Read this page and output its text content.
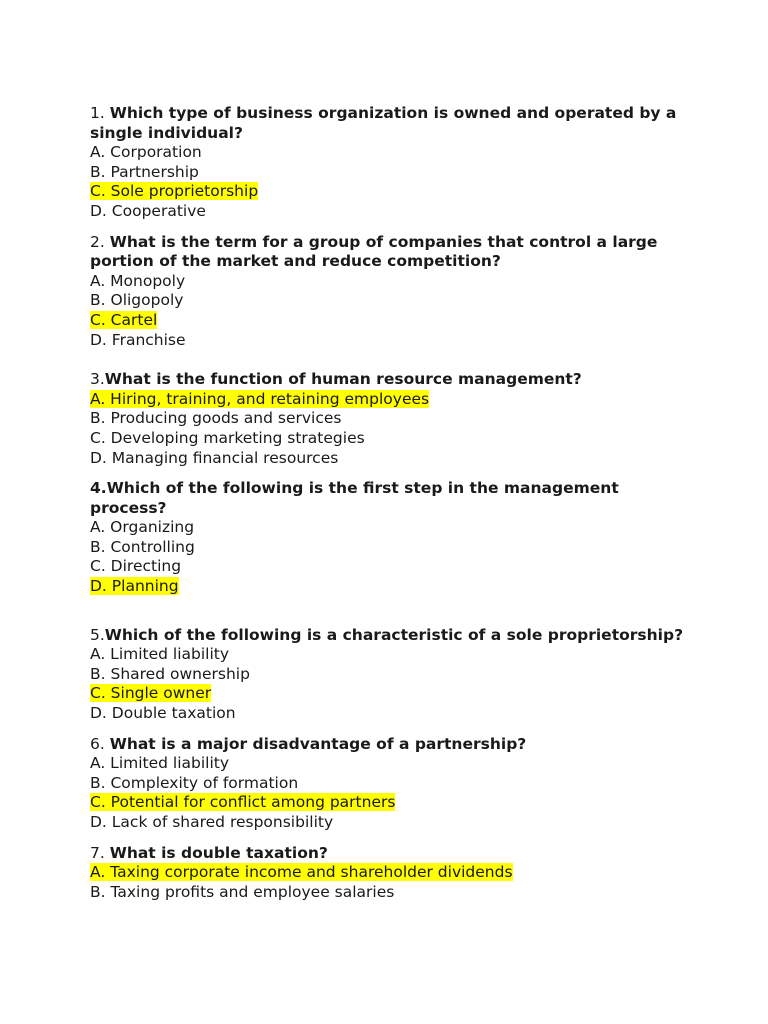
1. Which type of business organization is owned and operated by a single individual?

A. Corporation

B. Partnership

C. Sole proprietorship

D. Cooperative

2. What is the term for a group of companies that control a large portion of the market and reduce competition?

A. Monopoly

B. Oligopoly

C. Cartel

D. Franchise

3.What is the function of human resource management?

A. Hiring, training, and retaining employees

B. Producing goods and services

C. Developing marketing strategies

D. Managing financial resources

4.Which of the following is the first step in the management process?

A. Organizing

B. Controlling

C. Directing

D. Planning

5.Which of the following is a characteristic of a sole proprietorship?

A. Limited liability

B. Shared ownership

C. Single owner

D. Double taxation

6. What is a major disadvantage of a partnership?

A. Limited liability

B. Complexity of formation

C. Potential for conflict among partners

D. Lack of shared responsibility

7. What is double taxation?

A. Taxing corporate income and shareholder dividends

B. Taxing profits and employee salaries
